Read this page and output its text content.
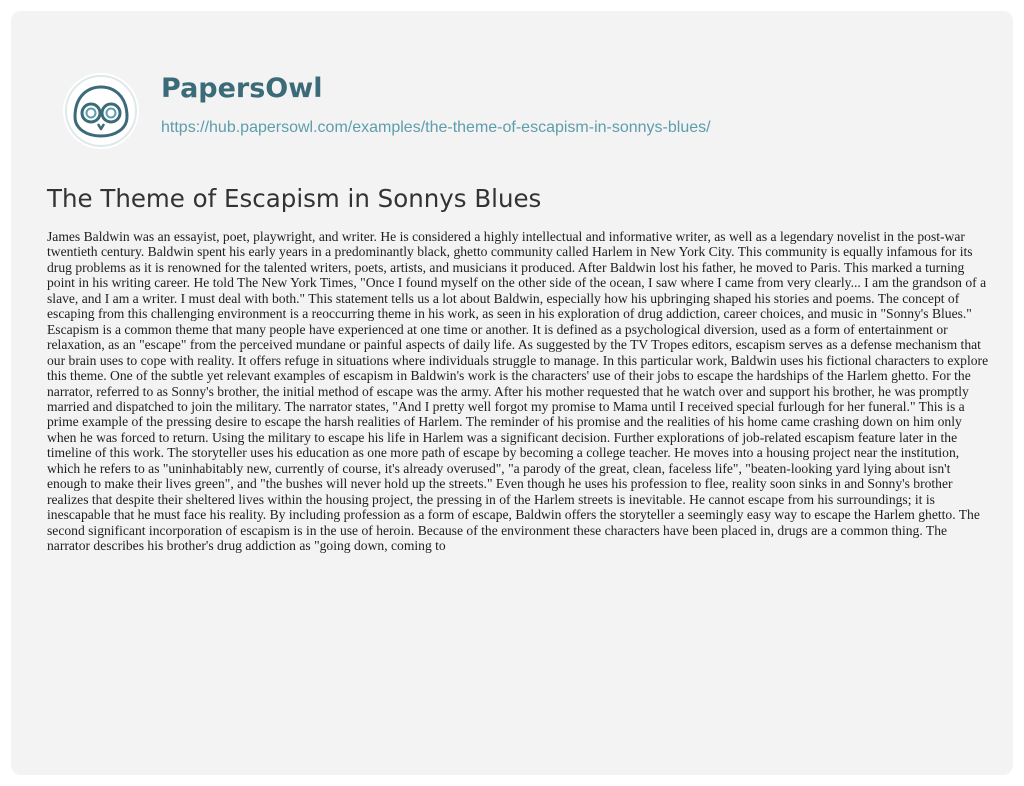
PapersOwl
https://hub.papersowl.com/examples/the-theme-of-escapism-in-sonnys-blues/
The Theme of Escapism in Sonnys Blues

James Baldwin was an essayist, poet, playwright, and writer. He is considered a highly intellectual and informative writer, as well as a legendary novelist in the post-war twentieth century. Baldwin spent his early years in a predominantly black, ghetto community called Harlem in New York City. This community is equally infamous for its drug problems as it is renowned for the talented writers, poets, artists, and musicians it produced. After Baldwin lost his father, he moved to Paris. This marked a turning point in his writing career. He told The New York Times, "Once I found myself on the other side of the ocean, I saw where I came from very clearly... I am the grandson of a slave, and I am a writer. I must deal with both." This statement tells us a lot about Baldwin, especially how his upbringing shaped his stories and poems. The concept of escaping from this challenging environment is a reoccurring theme in his work, as seen in his exploration of drug addiction, career choices, and music in "Sonny's Blues." Escapism is a common theme that many people have experienced at one time or another. It is defined as a psychological diversion, used as a form of entertainment or relaxation, as an "escape" from the perceived mundane or painful aspects of daily life. As suggested by the TV Tropes editors, escapism serves as a defense mechanism that our brain uses to cope with reality. It offers refuge in situations where individuals struggle to manage. In this particular work, Baldwin uses his fictional characters to explore this theme. One of the subtle yet relevant examples of escapism in Baldwin's work is the characters' use of their jobs to escape the hardships of the Harlem ghetto. For the narrator, referred to as Sonny's brother, the initial method of escape was the army. After his mother requested that he watch over and support his brother, he was promptly married and dispatched to join the military. The narrator states, "And I pretty well forgot my promise to Mama until I received special furlough for her funeral." This is a prime example of the pressing desire to escape the harsh realities of Harlem. The reminder of his promise and the realities of his home came crashing down on him only when he was forced to return. Using the military to escape his life in Harlem was a significant decision. Further explorations of job-related escapism feature later in the timeline of this work. The storyteller uses his education as one more path of escape by becoming a college teacher. He moves into a housing project near the institution, which he refers to as "uninhabitably new, currently of course, it's already overused", "a parody of the great, clean, faceless life", "beaten-looking yard lying about isn't enough to make their lives green", and "the bushes will never hold up the streets." Even though he uses his profession to flee, reality soon sinks in and Sonny's brother realizes that despite their sheltered lives within the housing project, the pressing in of the Harlem streets is inevitable. He cannot escape from his surroundings; it is inescapable that he must face his reality. By including profession as a form of escape, Baldwin offers the storyteller a seemingly easy way to escape the Harlem ghetto. The second significant incorporation of escapism is in the use of heroin. Because of the environment these characters have been placed in, drugs are a common thing. The narrator describes his brother's drug addiction as "going down, coming to
